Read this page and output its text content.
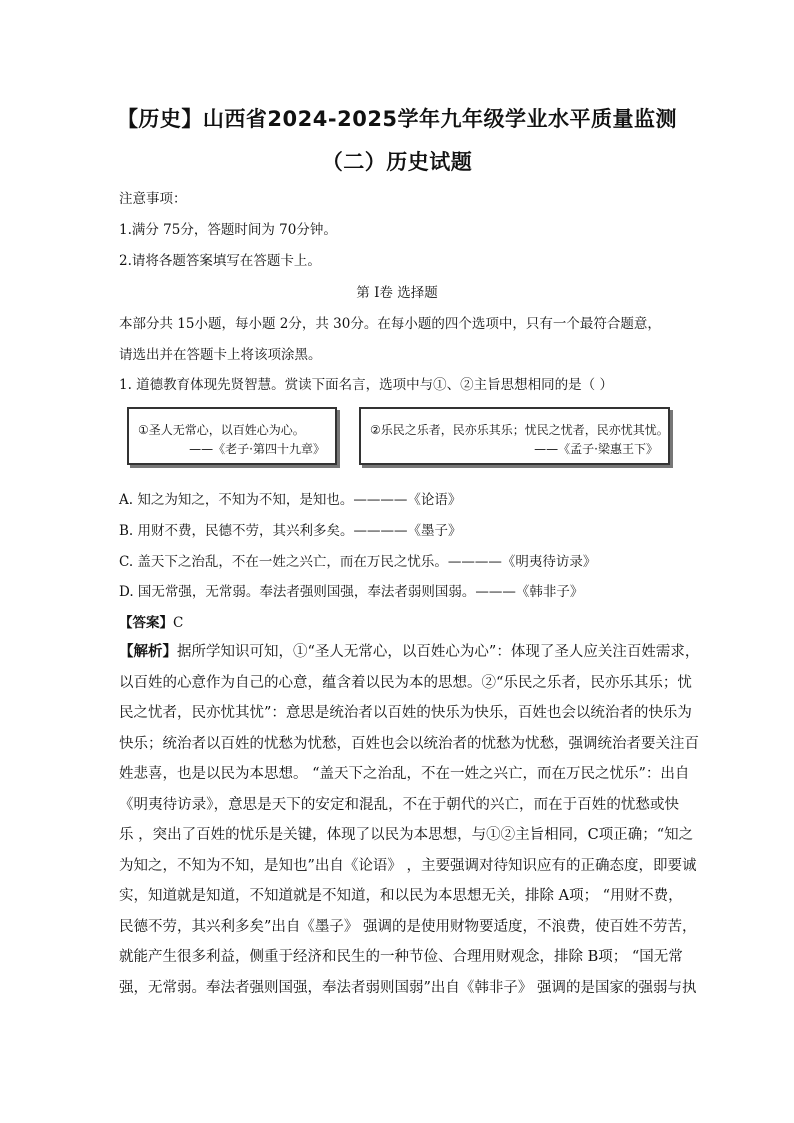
【历史】山西省2024-2025学年九年级学业水平质量监测
（二）历史试题
注意事项：
1.满分 75分，答题时间为 70分钟。
2.请将各题答案填写在答题卡上。
第 I卷 选择题
本部分共 15小题，每小题 2分，共 30分。在每小题的四个选项中，只有一个最符合题意，
请选出并在答题卡上将该项涂黑。
1. 道德教育体现先贤智慧。赏读下面名言，选项中与①、②主旨思想相同的是（ ）
①圣人无常心，以百姓心为心。
——《老子·第四十九章》
②乐民之乐者，民亦乐其乐；忧民之忧者，民亦忧其忧。
——《孟子·梁惠王下》
A. 知之为知之，不知为不知，是知也。————《论语》
B. 用财不费，民德不劳，其兴利多矣。————《墨子》
C. 盖天下之治乱，不在一姓之兴亡，而在万民之忧乐。————《明夷待访录》
D. 国无常强，无常弱。奉法者强则国强，奉法者弱则国弱。———《韩非子》
【答案】C

【解析】据所学知识可知，①“圣人无常心，以百姓心为心”：体现了圣人应关注百姓需求，

以百姓的心意作为自己的心意，蕴含着以民为本的思想。②“乐民之乐者，民亦乐其乐；忧

民之忧者，民亦忧其忧”：意思是统治者以百姓的快乐为快乐，百姓也会以统治者的快乐为

快乐；统治者以百姓的忧愁为忧愁，百姓也会以统治者的忧愁为忧愁，强调统治者要关注百

姓悲喜，也是以民为本思想。 “盖天下之治乱，不在一姓之兴亡，而在万民之忧乐”：出自

《明夷待访录》，意思是天下的安定和混乱，不在于朝代的兴亡，而在于百姓的忧愁或快

乐 ，突出了百姓的忧乐是关键，体现了以民为本思想，与①②主旨相同，C项正确；“知之

为知之，不知为不知，是知也”出自《论语》 ，主要强调对待知识应有的正确态度，即要诚

实，知道就是知道，不知道就是不知道，和以民为本思想无关，排除 A项； “用财不费，

民德不劳，其兴利多矣”出自《墨子》 强调的是使用财物要适度，不浪费，使百姓不劳苦，

就能产生很多利益，侧重于经济和民生的一种节俭、合理用财观念，排除 B项； “国无常

强，无常弱。奉法者强则国强，奉法者弱则国弱”出自《韩非子》 强调的是国家的强弱与执
